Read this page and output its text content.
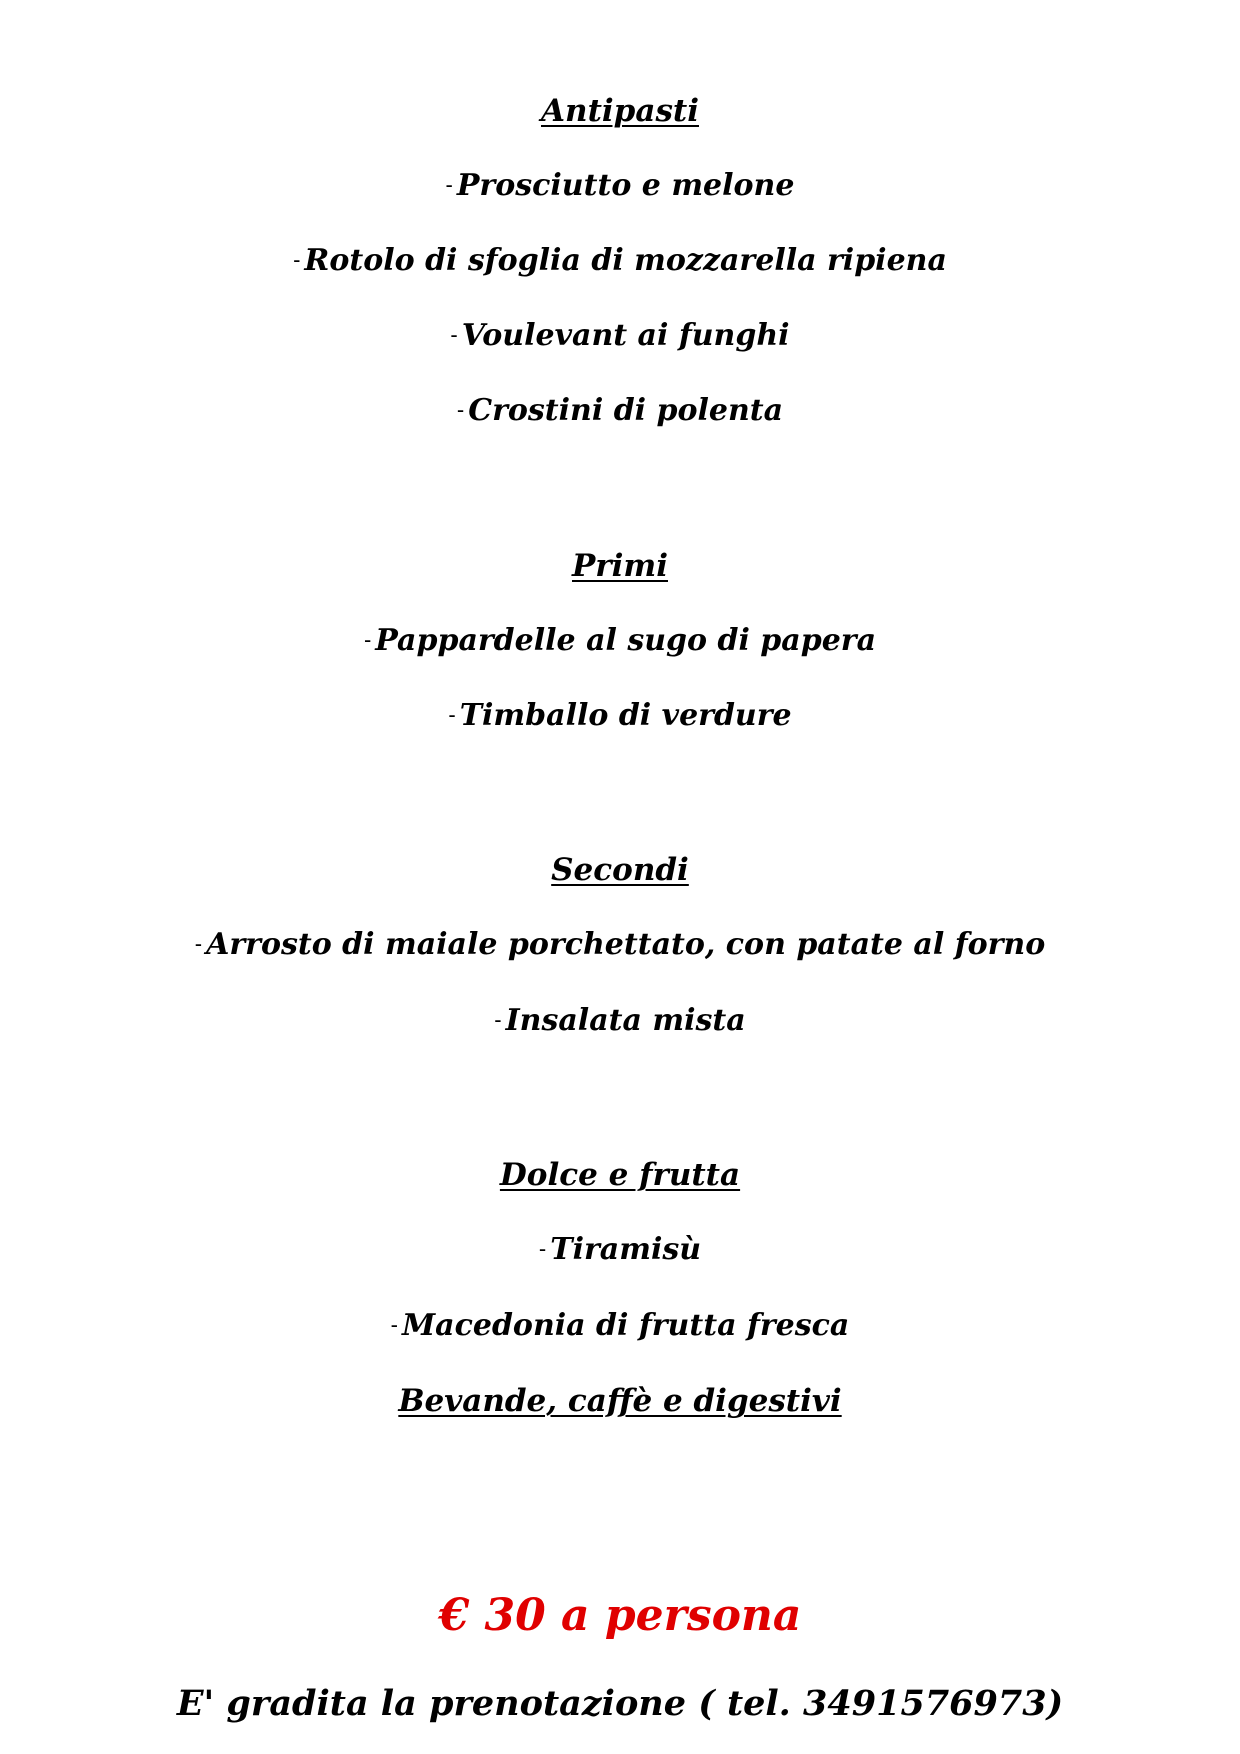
Antipasti
- Prosciutto e melone
- Rotolo di sfoglia di mozzarella ripiena
- Voulevant ai funghi
- Crostini di polenta
Primi
- Pappardelle al sugo di papera
- Timballo di verdure
Secondi
- Arrosto di maiale porchettato, con patate al forno
- Insalata mista
Dolce e frutta
- Tiramisù
- Macedonia di frutta fresca
Bevande, caffè e digestivi
€ 30 a persona
E' gradita la prenotazione ( tel. 3491576973)
